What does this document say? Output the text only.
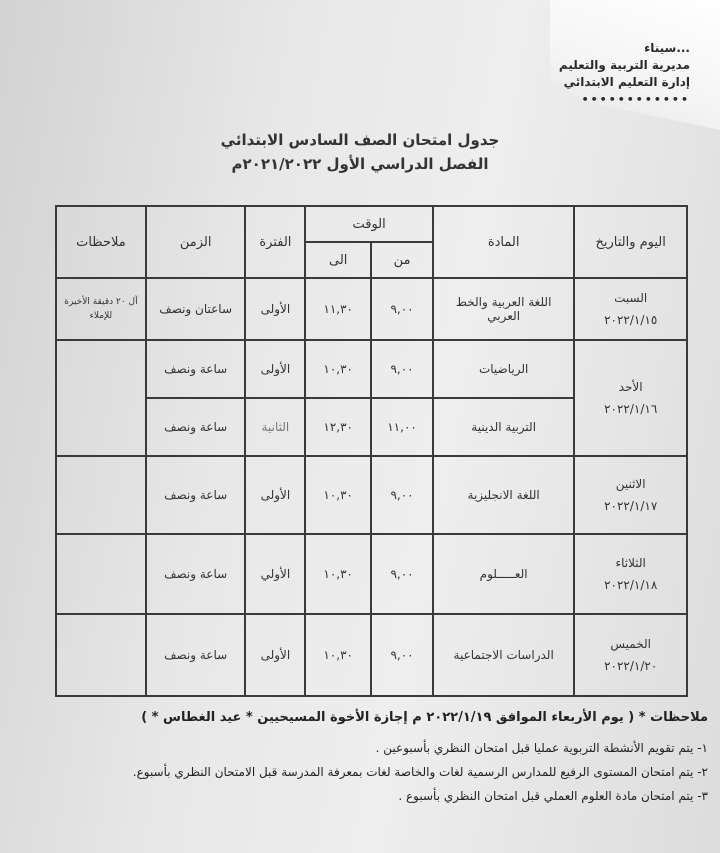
...سيناء
مديرية التربية والتعليم
إدارة التعليم الابتدائي
••••••••••••
جدول امتحان الصف السادس الابتدائي
الفصل الدراسي الأول ٢٠٢١/٢٠٢٢م
اليوم والتاريخ	المادة	الوقت		الفترة	الزمن	ملاحظات
		من	الى			

السبت
٢٠٢٢/١/١٥	اللغة العربية والخط العربي	٩,٠٠	١١,٣٠	الأولى	ساعتان ونصف	آل ٢٠ دقيقة الأخيرة للإملاء

الأحد
٢٠٢٢/١/١٦	الرياضيات	٩,٠٠	١٠,٣٠	الأولى	ساعة ونصف	
	التربية الدينية	١١,٠٠	١٢,٣٠	الثانية	ساعة ونصف	

الاثنين
٢٠٢٢/١/١٧	اللغة الانجليزية	٩,٠٠	١٠,٣٠	الأولى	ساعة ونصف	

الثلاثاء
٢٠٢٢/١/١٨	العـــــلوم	٩,٠٠	١٠,٣٠	الأولي	ساعة ونصف	

الخميس
٢٠٢٢/١/٢٠	الدراسات الاجتماعية	٩,٠٠	١٠,٣٠	الأولى	ساعة ونصف	
ملاحظات * ( يوم الأربعاء الموافق ٢٠٢٢/١/١٩ م إجازة الأخوة المسيحيين * عيد الغطاس * )
١- يتم تقويم الأنشطة التربوية عمليا قبل امتحان النظري بأسبوعين .
٢- يتم امتحان المستوى الرفيع للمدارس الرسمية لغات والخاصة لغات بمعرفة المدرسة قبل الامتحان النظري بأسبوع.
٣- يتم امتحان مادة العلوم العملي قبل امتحان النظري بأسبوع .
